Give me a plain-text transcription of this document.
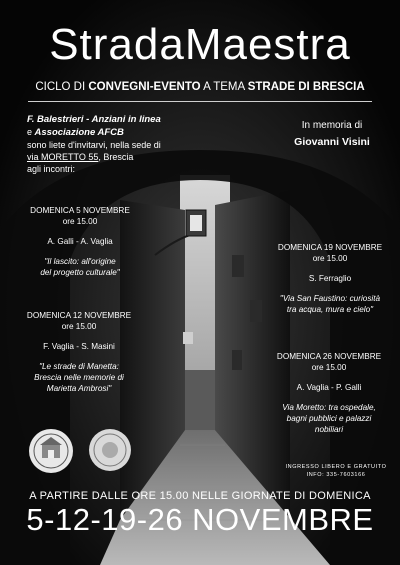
StradaMaestra
CICLO DI CONVEGNI-EVENTO A TEMA STRADE DI BRESCIA
F. Balestrieri - Anziani in linea
e Associazione AFCB
sono liete d'invitarvi, nella sede di
via MORETTO 55, Brescia
agli incontri:
In memoria di
Giovanni Visini
DOMENICA 5 NOVEMBRE
ore 15.00
A. Galli - A. Vaglia
"Il lascito: all'origine
del progetto culturale"
DOMENICA 19 NOVEMBRE
ore 15.00
S. Ferraglio
"Via San Faustino: curiosità
tra acqua, mura e cielo"
DOMENICA 12 NOVEMBRE
ore 15.00
F. Vaglia - S. Masini
"Le strade di Manetta:
Brescia nelle memorie di
Marietta Ambrosi"
DOMENICA 26 NOVEMBRE
ore 15.00
A. Vaglia - P. Galli
Via Moretto: tra ospedale,
bagni pubblici e palazzi
nobiliari
INGRESSO LIBERO E GRATUITO
INFO: 335-7603166
A PARTIRE DALLE ORE 15.00 NELLE GIORNATE DI DOMENICA
5-12-19-26 NOVEMBRE
